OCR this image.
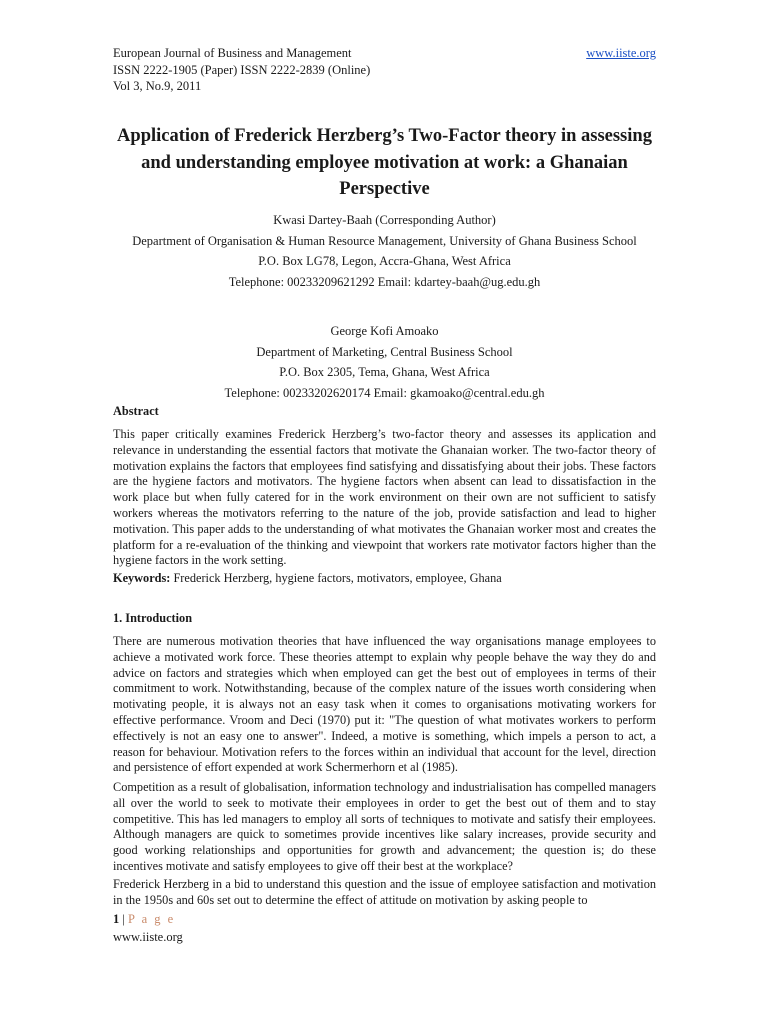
European Journal of Business and Management
ISSN 2222-1905 (Paper) ISSN 2222-2839 (Online)
Vol 3, No.9, 2011
www.iiste.org
Application of Frederick Herzberg’s Two-Factor theory in assessing and understanding employee motivation at work: a Ghanaian Perspective
Kwasi Dartey-Baah (Corresponding Author)
Department of Organisation & Human Resource Management, University of Ghana Business School
P.O. Box LG78, Legon, Accra-Ghana, West Africa
Telephone: 00233209621292 Email: kdartey-baah@ug.edu.gh
George Kofi Amoako
Department of Marketing, Central Business School
P.O. Box 2305, Tema, Ghana, West Africa
Telephone: 00233202620174 Email: gkamoako@central.edu.gh
Abstract

This paper critically examines Frederick Herzberg’s two-factor theory and assesses its application and relevance in understanding the essential factors that motivate the Ghanaian worker. The two-factor theory of motivation explains the factors that employees find satisfying and dissatisfying about their jobs. These factors are the hygiene factors and motivators. The hygiene factors when absent can lead to dissatisfaction in the work place but when fully catered for in the work environment on their own are not sufficient to satisfy workers whereas the motivators referring to the nature of the job, provide satisfaction and lead to higher motivation. This paper adds to the understanding of what motivates the Ghanaian worker most and creates the platform for a re-evaluation of the thinking and viewpoint that workers rate motivator factors higher than the hygiene factors in the work setting.

Keywords: Frederick Herzberg, hygiene factors, motivators, employee, Ghana
1. Introduction

There are numerous motivation theories that have influenced the way organisations manage employees to achieve a motivated work force. These theories attempt to explain why people behave the way they do and advice on factors and strategies which when employed can get the best out of employees in terms of their commitment to work. Notwithstanding, because of the complex nature of the issues worth considering when motivating people, it is always not an easy task when it comes to organisations motivating workers for effective performance. Vroom and Deci (1970) put it: "The question of what motivates workers to perform effectively is not an easy one to answer". Indeed, a motive is something, which impels a person to act, a reason for behaviour. Motivation refers to the forces within an individual that account for the level, direction and persistence of effort expended at work Schermerhorn et al (1985).

Competition as a result of globalisation, information technology and industrialisation has compelled managers all over the world to seek to motivate their employees in order to get the best out of them and to stay competitive. This has led managers to employ all sorts of techniques to motivate and satisfy their employees. Although managers are quick to sometimes provide incentives like salary increases, provide security and good working relationships and opportunities for growth and advancement; the question is; do these incentives motivate and satisfy employees to give off their best at the workplace?

Frederick Herzberg in a bid to understand this question and the issue of employee satisfaction and motivation in the 1950s and 60s set out to determine the effect of attitude on motivation by asking people to

1 | P a g e
www.iiste.org
